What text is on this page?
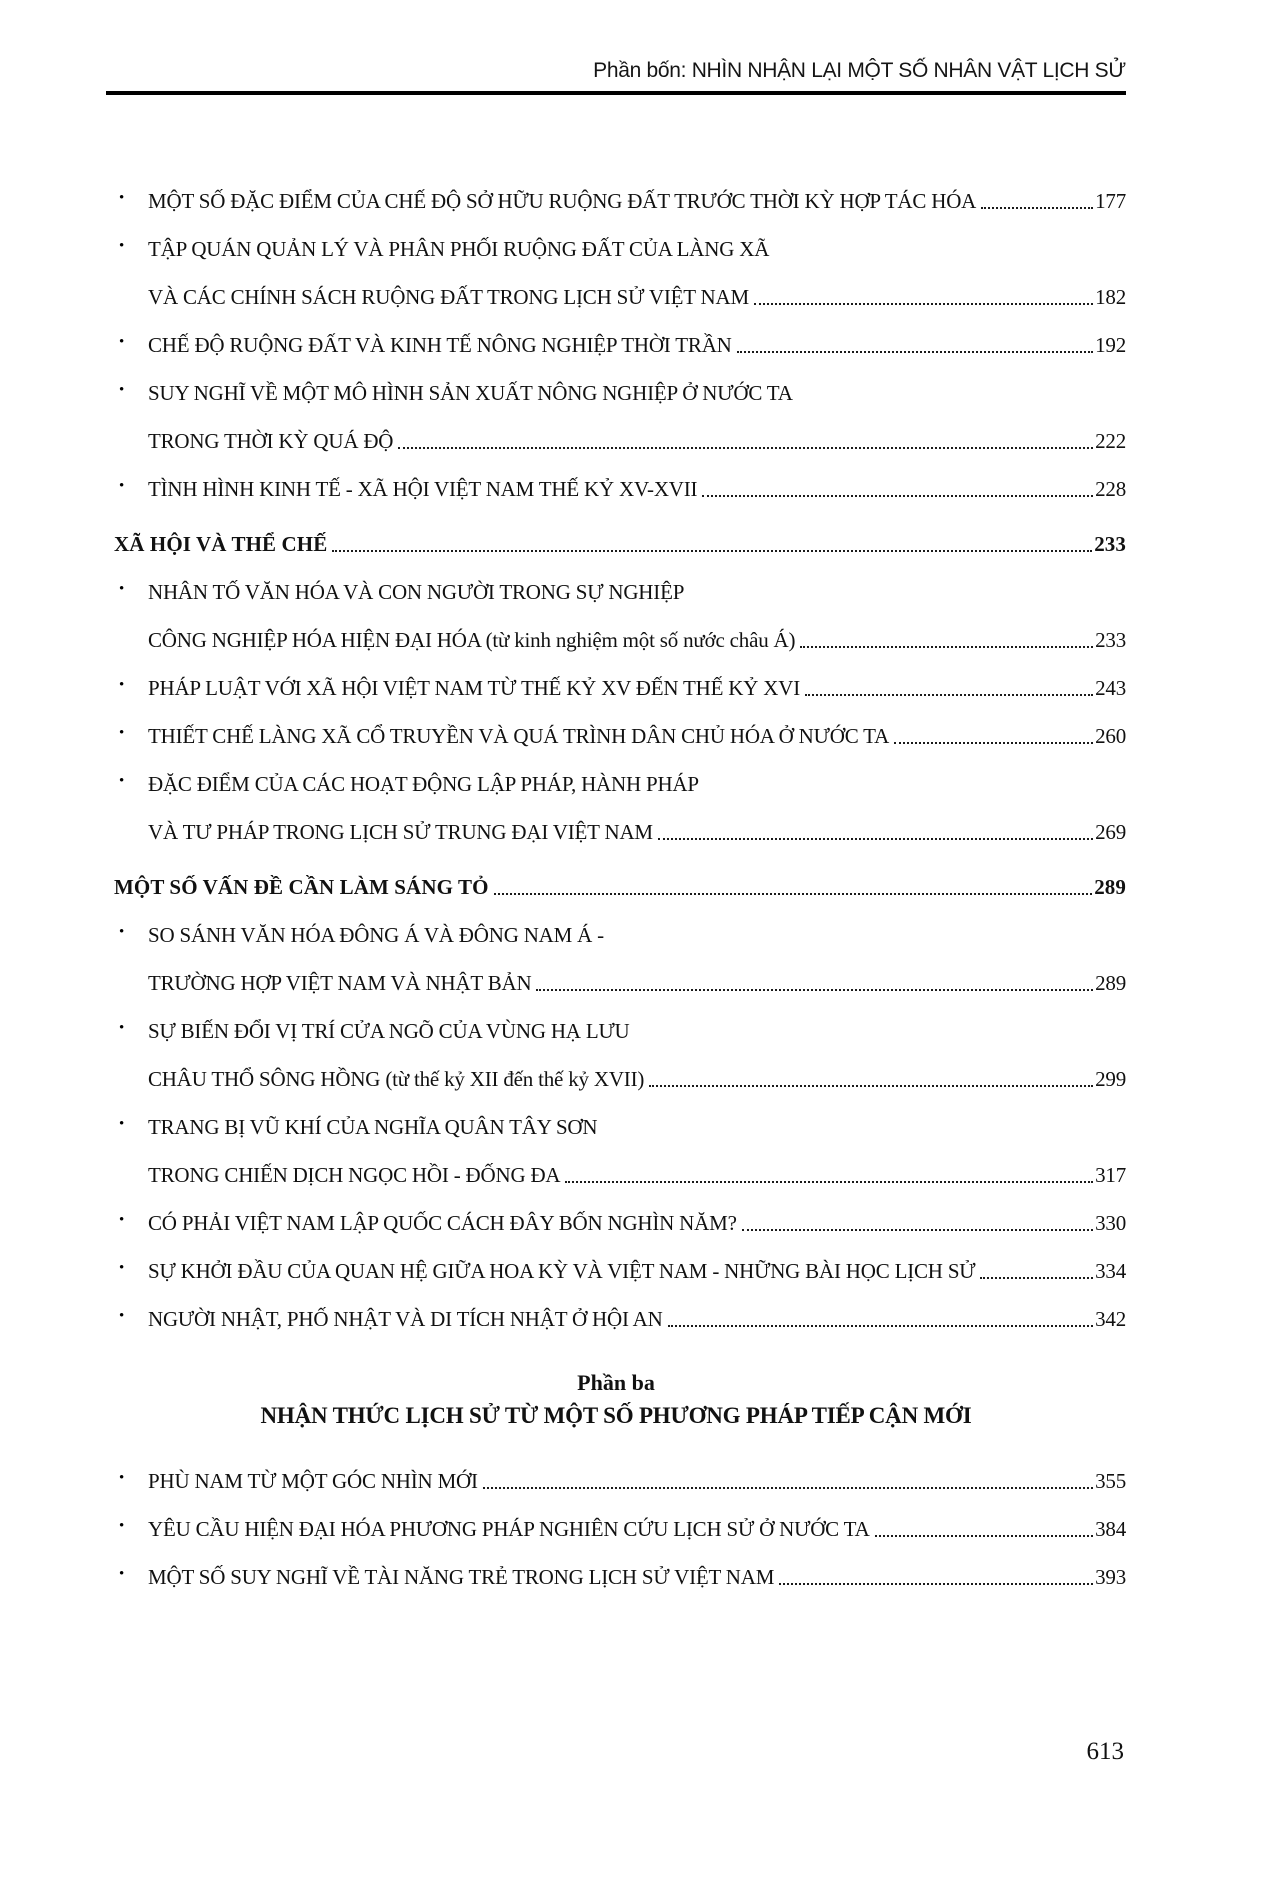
Phần bốn: NHÌN NHẬN LẠI MỘT SỐ NHÂN VẬT LỊCH SỬ
• MỘT SỐ ĐẶC ĐIỂM CỦA CHẾ ĐỘ SỞ HỮU RUỘNG ĐẤT TRƯỚC THỜI KỲ HỢP TÁC HÓA	177
• TẬP QUÁN QUẢN LÝ VÀ PHÂN PHỐI RUỘNG ĐẤT CỦA LÀNG XÃ
VÀ CÁC CHÍNH SÁCH RUỘNG ĐẤT TRONG LỊCH SỬ VIỆT NAM	182
• CHẾ ĐỘ RUỘNG ĐẤT VÀ KINH TẾ NÔNG NGHIỆP THỜI TRẦN	192
• SUY NGHĨ VỀ MỘT MÔ HÌNH SẢN XUẤT NÔNG NGHIỆP Ở NƯỚC TA
TRONG THỜI KỲ QUÁ ĐỘ	222
• TÌNH HÌNH KINH TẾ - XÃ HỘI VIỆT NAM THẾ KỶ XV-XVII	228
XÃ HỘI VÀ THỂ CHẾ	233
• NHÂN TỐ VĂN HÓA VÀ CON NGƯỜI TRONG SỰ NGHIỆP
CÔNG NGHIỆP HÓA HIỆN ĐẠI HÓA (từ kinh nghiệm một số nước châu Á)	233
• PHÁP LUẬT VỚI XÃ HỘI VIỆT NAM TỪ THẾ KỶ XV ĐẾN THẾ KỶ XVI	243
• THIẾT CHẾ LÀNG XÃ CỔ TRUYỀN VÀ QUÁ TRÌNH DÂN CHỦ HÓA Ở NƯỚC TA	260
• ĐẶC ĐIỂM CỦA CÁC HOẠT ĐỘNG LẬP PHÁP, HÀNH PHÁP
VÀ TƯ PHÁP TRONG LỊCH SỬ TRUNG ĐẠI VIỆT NAM	269
MỘT SỐ VẤN ĐỀ CẦN LÀM SÁNG TỎ	289
• SO SÁNH VĂN HÓA ĐÔNG Á VÀ ĐÔNG NAM Á -
TRƯỜNG HỢP VIỆT NAM VÀ NHẬT BẢN	289
• SỰ BIẾN ĐỔI VỊ TRÍ CỬA NGÕ CỦA VÙNG HẠ LƯU
CHÂU THỔ SÔNG HỒNG (từ thế kỷ XII đến thế kỷ XVII)	299
• TRANG BỊ VŨ KHÍ CỦA NGHĨA QUÂN TÂY SƠN
TRONG CHIẾN DỊCH NGỌC HỒI - ĐỐNG ĐA	317
• CÓ PHẢI VIỆT NAM LẬP QUỐC CÁCH ĐÂY BỐN NGHÌN NĂM?	330
• SỰ KHỞI ĐẦU CỦA QUAN HỆ GIỮA HOA KỲ VÀ VIỆT NAM - NHỮNG BÀI HỌC LỊCH SỬ	334
• NGƯỜI NHẬT, PHỐ NHẬT VÀ DI TÍCH NHẬT Ở HỘI AN	342
Phần ba
NHẬN THỨC LỊCH SỬ TỪ MỘT SỐ PHƯƠNG PHÁP TIẾP CẬN MỚI
• PHÙ NAM TỪ MỘT GÓC NHÌN MỚI	355
• YÊU CẦU HIỆN ĐẠI HÓA PHƯƠNG PHÁP NGHIÊN CỨU LỊCH SỬ Ở NƯỚC TA	384
• MỘT SỐ SUY NGHĨ VỀ TÀI NĂNG TRẺ TRONG LỊCH SỬ VIỆT NAM	393
613
